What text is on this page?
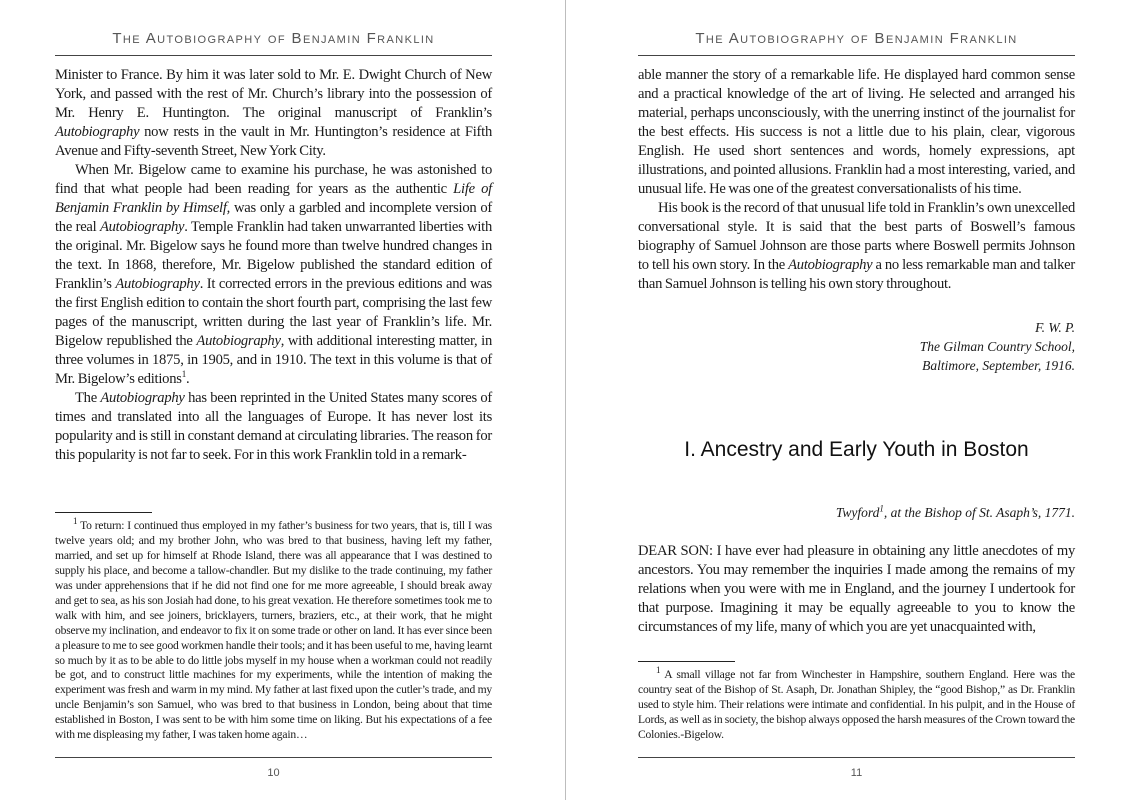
The Autobiography of Benjamin Franklin

Minister to France. By him it was later sold to Mr. E. Dwight Church of New York, and passed with the rest of Mr. Church’s library into the possession of Mr. Henry E. Huntington. The original manuscript of Franklin’s Autobiography now rests in the vault in Mr. Huntington’s residence at Fifth Avenue and Fifty-seventh Street, New York City.

When Mr. Bigelow came to examine his purchase, he was astonished to find that what people had been reading for years as the authentic Life of Benjamin Franklin by Himself, was only a garbled and incomplete version of the real Autobiography. Temple Franklin had taken unwarranted liberties with the original. Mr. Bigelow says he found more than twelve hundred changes in the text. In 1868, therefore, Mr. Bigelow published the standard edition of Franklin’s Autobiography. It corrected errors in the previous editions and was the first English edition to contain the short fourth part, comprising the last few pages of the manuscript, written during the last year of Franklin’s life. Mr. Bigelow republished the Autobiography, with additional interesting matter, in three volumes in 1875, in 1905, and in 1910. The text in this volume is that of Mr. Bigelow’s editions$^1$.

The Autobiography has been reprinted in the United States many scores of times and translated into all the languages of Europe. It has never lost its popularity and is still in constant demand at circulating libraries. The reason for this popularity is not far to seek. For in this work Franklin told in a remark-

$^1$ To return: I continued thus employed in my father’s business for two years, that is, till I was twelve years old; and my brother John, who was bred to that business, having left my father, married, and set up for himself at Rhode Island, there was all appearance that I was destined to supply his place, and become a tallow-chandler. But my dislike to the trade continuing, my father was under apprehensions that if he did not find one for me more agreeable, I should break away and get to sea, as his son Josiah had done, to his great vexation. He therefore sometimes took me to walk with him, and see joiners, bricklayers, turners, braziers, etc., at their work, that he might observe my inclination, and endeavor to fix it on some trade or other on land. It has ever since been a pleasure to me to see good workmen handle their tools; and it has been useful to me, having learnt so much by it as to be able to do little jobs myself in my house when a workman could not readily be got, and to construct little machines for my experiments, while the intention of making the experiment was fresh and warm in my mind. My father at last fixed upon the cutler’s trade, and my uncle Benjamin’s son Samuel, who was bred to that business in London, being about that time established in Boston, I was sent to be with him some time on liking. But his expectations of a fee with me displeasing my father, I was taken home again…

10
The Autobiography of Benjamin Franklin

able manner the story of a remarkable life. He displayed hard common sense and a practical knowledge of the art of living. He selected and arranged his material, perhaps unconsciously, with the unerring instinct of the journalist for the best effects. His success is not a little due to his plain, clear, vigorous English. He used short sentences and words, homely expressions, apt illustrations, and pointed allusions. Franklin had a most interesting, varied, and unusual life. He was one of the greatest conversationalists of his time.

His book is the record of that unusual life told in Franklin’s own unexcelled conversational style. It is said that the best parts of Boswell’s famous biography of Samuel Johnson are those parts where Boswell permits Johnson to tell his own story. In the Autobiography a no less remarkable man and talker than Samuel Johnson is telling his own story throughout.

F. W. P.
The Gilman Country School,
Baltimore, September, 1916.
I. Ancestry and Early Youth in Boston
Twyford$^1$, at the Bishop of St. Asaph’s, 1771.

DEAR SON: I have ever had pleasure in obtaining any little anecdotes of my ancestors. You may remember the inquiries I made among the remains of my relations when you were with me in England, and the journey I undertook for that purpose. Imagining it may be equally agreeable to you to know the circumstances of my life, many of which you are yet unacquainted with,

$^1$ A small village not far from Winchester in Hampshire, southern England. Here was the country seat of the Bishop of St. Asaph, Dr. Jonathan Shipley, the “good Bishop,” as Dr. Franklin used to style him. Their relations were intimate and confidential. In his pulpit, and in the House of Lords, as well as in society, the bishop always opposed the harsh measures of the Crown toward the Colonies.-Bigelow.

11
